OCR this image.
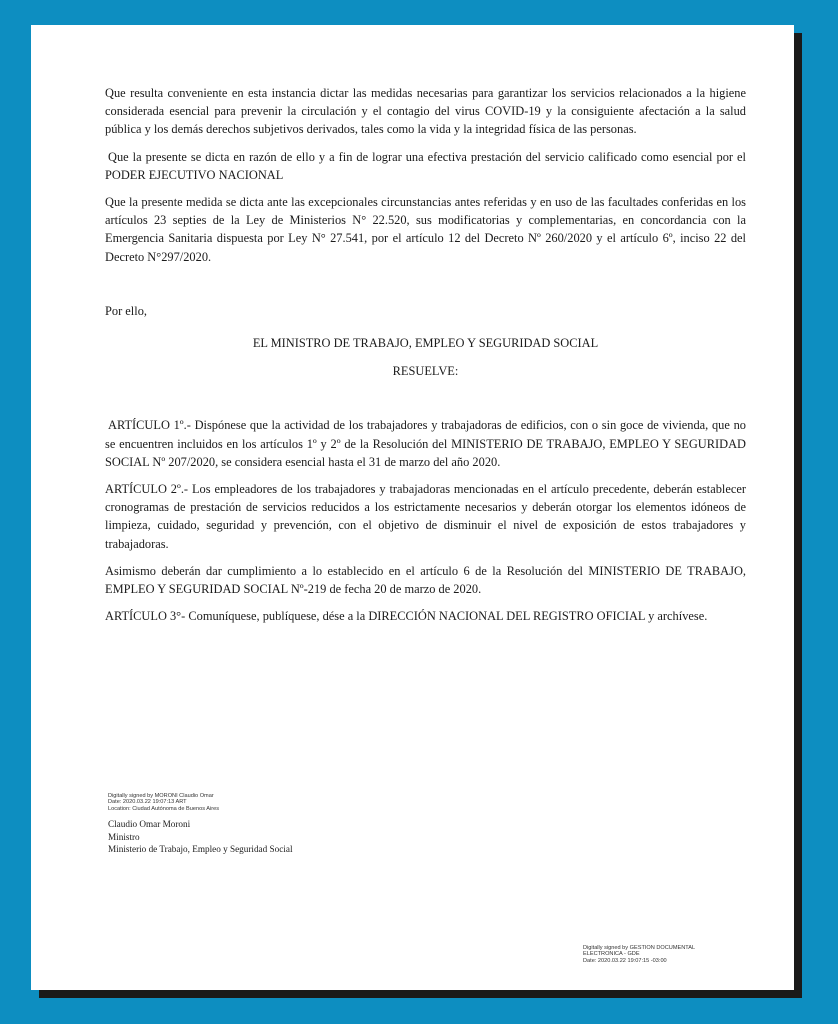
Que resulta conveniente en esta instancia dictar las medidas necesarias para garantizar los servicios relacionados a la higiene considerada esencial para prevenir la circulación y el contagio del virus COVID-19 y la consiguiente afectación a la salud pública y los demás derechos subjetivos derivados, tales como la vida y la integridad física de las personas.

Que la presente se dicta en razón de ello y a fin de lograr una efectiva prestación del servicio calificado como esencial por el PODER EJECUTIVO NACIONAL

Que la presente medida se dicta ante las excepcionales circunstancias antes referidas y en uso de las facultades conferidas en los artículos 23 septies de la Ley de Ministerios N° 22.520, sus modificatorias y complementarias, en concordancia con la Emergencia Sanitaria dispuesta por Ley N° 27.541, por el artículo 12 del Decreto Nº 260/2020 y el artículo 6º, inciso 22 del Decreto N°297/2020.

Por ello,

EL MINISTRO DE TRABAJO, EMPLEO Y SEGURIDAD SOCIAL

RESUELVE:

ARTÍCULO 1º.- Dispónese que la actividad de los trabajadores y trabajadoras de edificios, con o sin goce de vivienda, que no se encuentren incluidos en los artículos 1º y 2º de la Resolución del MINISTERIO DE TRABAJO, EMPLEO Y SEGURIDAD SOCIAL Nº 207/2020, se considera esencial hasta el 31 de marzo del año 2020.

ARTÍCULO 2º.- Los empleadores de los trabajadores y trabajadoras mencionadas en el artículo precedente, deberán establecer cronogramas de prestación de servicios reducidos a los estrictamente necesarios y deberán otorgar los elementos idóneos de limpieza, cuidado, seguridad y prevención, con el objetivo de disminuir el nivel de exposición de estos trabajadores y trabajadoras.

Asimismo deberán dar cumplimiento a lo establecido en el artículo 6 de la Resolución del MINISTERIO DE TRABAJO, EMPLEO Y SEGURIDAD SOCIAL Nº-219 de fecha 20 de marzo de 2020.

ARTÍCULO 3°- Comuníquese, publíquese, dése a la DIRECCIÓN NACIONAL DEL REGISTRO OFICIAL y archívese.

Digitally signed by MORONI Claudio Omar
Date: 2020.03.22 19:07:13 ART
Location: Ciudad Autónoma de Buenos Aires
Claudio Omar Moroni
Ministro
Ministerio de Trabajo, Empleo y Seguridad Social
Digitally signed by GESTION DOCUMENTAL
ELECTRONICA - GDE
Date: 2020.03.22 19:07:15 -03:00
